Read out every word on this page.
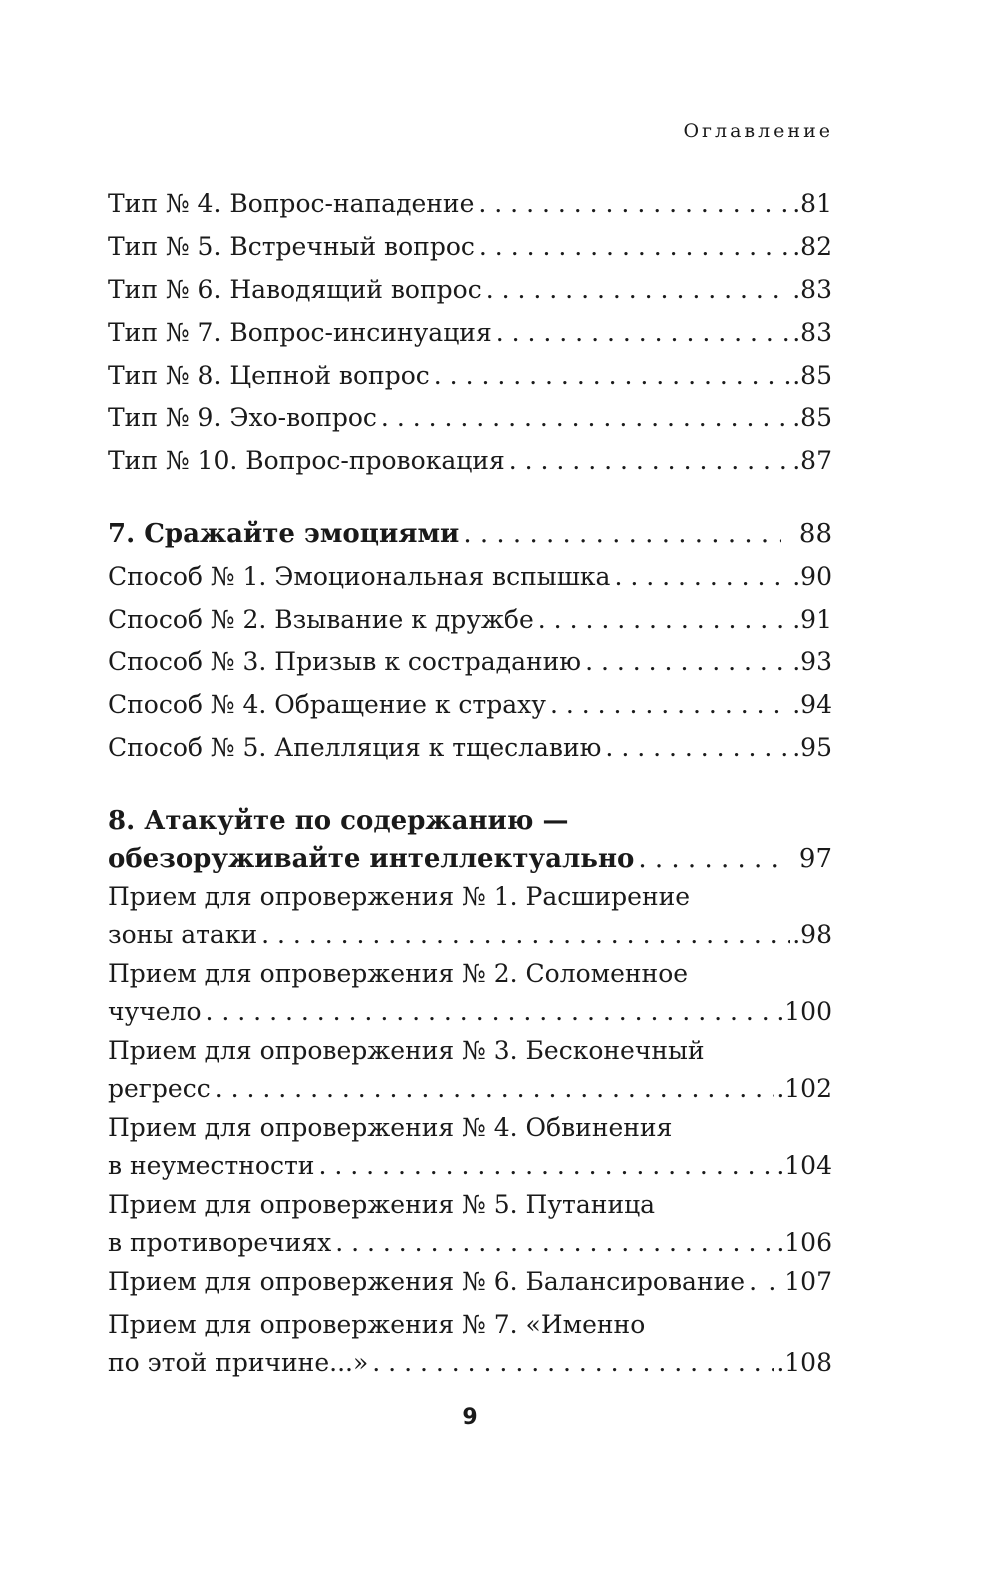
Оглавление
Тип № 4. Вопрос-нападение . . .	.81
Тип № 5. Встречный вопрос . . .	.82
Тип № 6. Наводящий вопрос . . .	.83
Тип № 7. Вопрос-инсинуация . . .	.83
Тип № 8. Цепной вопрос . . .	.85
Тип № 9. Эхо-вопрос . . .	.85
Тип № 10. Вопрос-провокация . . .	.87
7. Сражайте эмоциями . . .	88
Способ № 1. Эмоциональная вспышка . . .	.90
Способ № 2. Взывание к дружбе . . .	.91
Способ № 3. Призыв к состраданию . . .	.93
Способ № 4. Обращение к страху . . .	.94
Способ № 5. Апелляция к тщеславию . . .	.95
8. Атакуйте по содержанию —
обезоруживайте интеллектуально . . .	97
Прием для опровержения № 1. Расширение
зоны атаки . . .	.98
Прием для опровержения № 2. Соломенное
чучело . . .	.100
Прием для опровержения № 3. Бесконечный
регресс . . .	.102
Прием для опровержения № 4. Обвинения
в неуместности . . .	.104
Прием для опровержения № 5. Путаница
в противоречиях . . .	.106
Прием для опровержения № 6. Балансирование . . . . 107
Прием для опровержения № 7. «Именно
по этой причине...» . . .	.108
9
